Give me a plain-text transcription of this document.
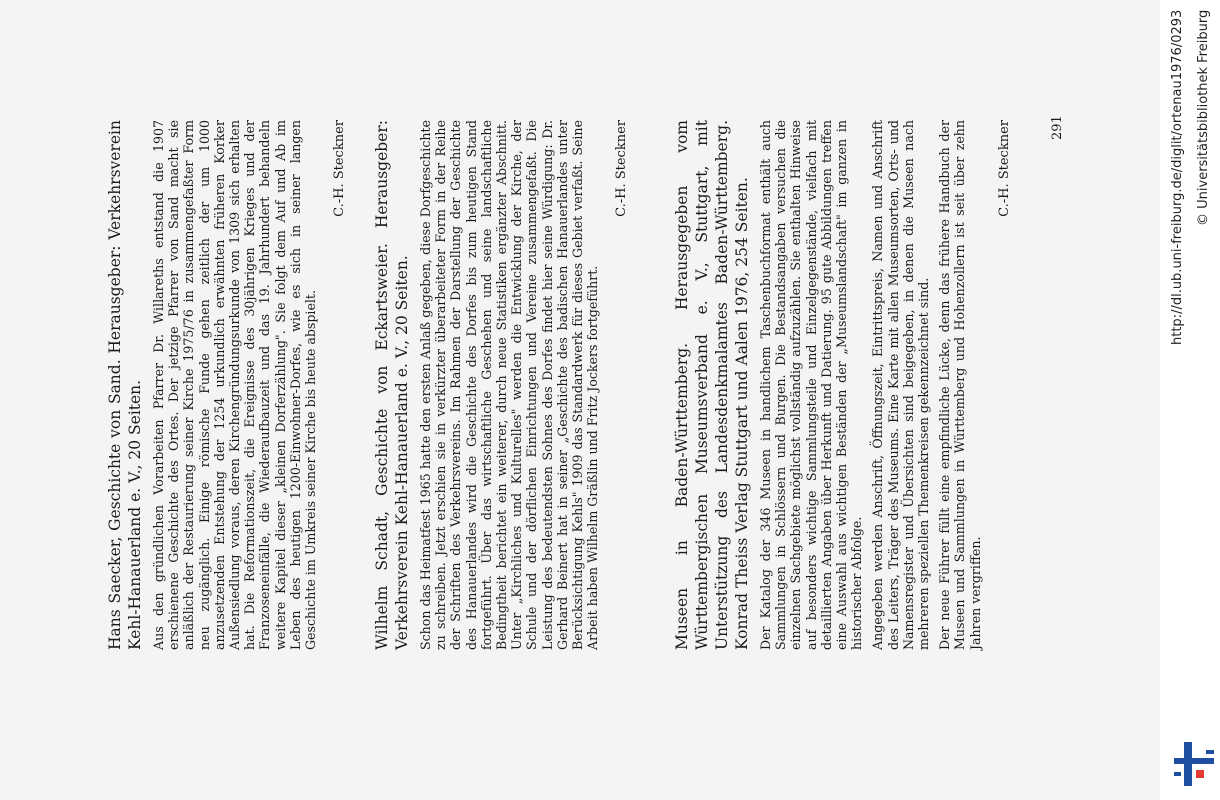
Hans Saecker, Geschichte von Sand. Herausgeber: Verkehrsverein Kehl-Hanauerland e. V., 20 Seiten. Aus den gründlichen Vorarbeiten Pfarrer Dr. Willareths entstand die 1907 erschienene Geschichte des Ortes. Der jetzige Pfarrer von Sand macht sie anläßlich der Restaurierung seiner Kirche 1975/76 in zusammengefaßter Form neu zugänglich. Einige römische Funde gehen zeitlich der um 1000 anzusetzenden Entstehung der 1254 urkundlich erwähnten früheren Korker Außensiedlung voraus, deren Kirchengründungsurkunde von 1309 sich erhalten hat. Die Reformationszeit, die Ereignisse des 30jährigen Krieges und der Franzoseneinfälle, die Wiederaufbauzeit und das 19. Jahrhundert behandeln weitere Kapitel dieser „kleinen Dorferzählung". Sie folgt dem Auf und Ab im Leben des heutigen 1200-Einwohner-Dorfes, wie es sich in seiner langen Geschichte im Umkreis seiner Kirche bis heute abspielt.

C.-H. Steckner Wilhelm Schadt, Geschichte von Eckartsweier. Herausgeber: Verkehrsverein Kehl-Hanauerland e. V., 20 Seiten. Schon das Heimatfest 1965 hatte den ersten Anlaß gegeben, diese Dorfgeschichte zu schreiben. Jetzt erschien sie in verkürzter überarbeiteter Form in der Reihe der Schriften des Verkehrsvereins. Im Rahmen der Darstellung der Geschichte des Hanauerlandes wird die Geschichte des Dorfes bis zum heutigen Stand fortgeführt. Über das wirtschaftliche Geschehen und seine landschaftliche Bedingtheit berichtet ein weiterer, durch neue Statistiken ergänzter Abschnitt. Unter „Kirchliches und Kulturelles" werden die Entwicklung der Kirche, der Schule und der dörflichen Einrichtungen und Vereine zusammengefaßt. Die Leistung des bedeutendsten Sohnes des Dorfes findet hier seine Würdigung: Dr. Gerhard Beinert hat in seiner „Geschichte des badischen Hanauerlandes unter Berücksichtigung Kehls" 1909 das Standardwerk für dieses Gebiet verfaßt. Seine Arbeit haben Wilhelm Gräßlin und Fritz Jockers fortgeführt.

C.-H. Steckner	Museen in Baden-Württemberg. Herausgegeben vom Württembergischen Museumsverband e. V., Stuttgart, mit Unterstützung des Landesdenkmalamtes Baden-Württemberg. Konrad Theiss Verlag Stuttgart und Aalen 1976, 254 Seiten. Der Katalog der 346 Museen in handlichem Taschenbuchformat enthält auch Sammlungen in Schlössern und Burgen. Die Bestandsangaben versuchen die einzelnen Sachgebiete möglichst vollständig aufzuzählen. Sie enthalten Hinweise auf besonders wichtige Sammlungsteile und Einzelgegenstände, vielfach mit detaillierten Angaben über Herkunft und Datierung. 95 gute Abbildungen treffen eine Auswahl aus wichtigen Beständen der „Museumslandschaft" im ganzen in historischer Abfolge. Angegeben werden Anschrift, Öffnungszeit, Eintrittspreis, Namen und Anschrift des Leiters, Träger des Museums. Eine Karte mit allen Museumsorten, Orts- und Namensregister und Übersichten sind beigegeben, in denen die Museen nach mehreren speziellen Themenkreisen gekennzeichnet sind. Der neue Führer füllt eine empfindliche Lücke, denn das frühere Handbuch der Museen und Sammlungen in Württemberg und Hohenzollern ist seit über zehn Jahren vergriffen.

C.-H. Steckner	291	http://dl.ub.uni-freiburg.de/diglit/ortenau1976/0293 © Universitätsbibliothek Freiburg
